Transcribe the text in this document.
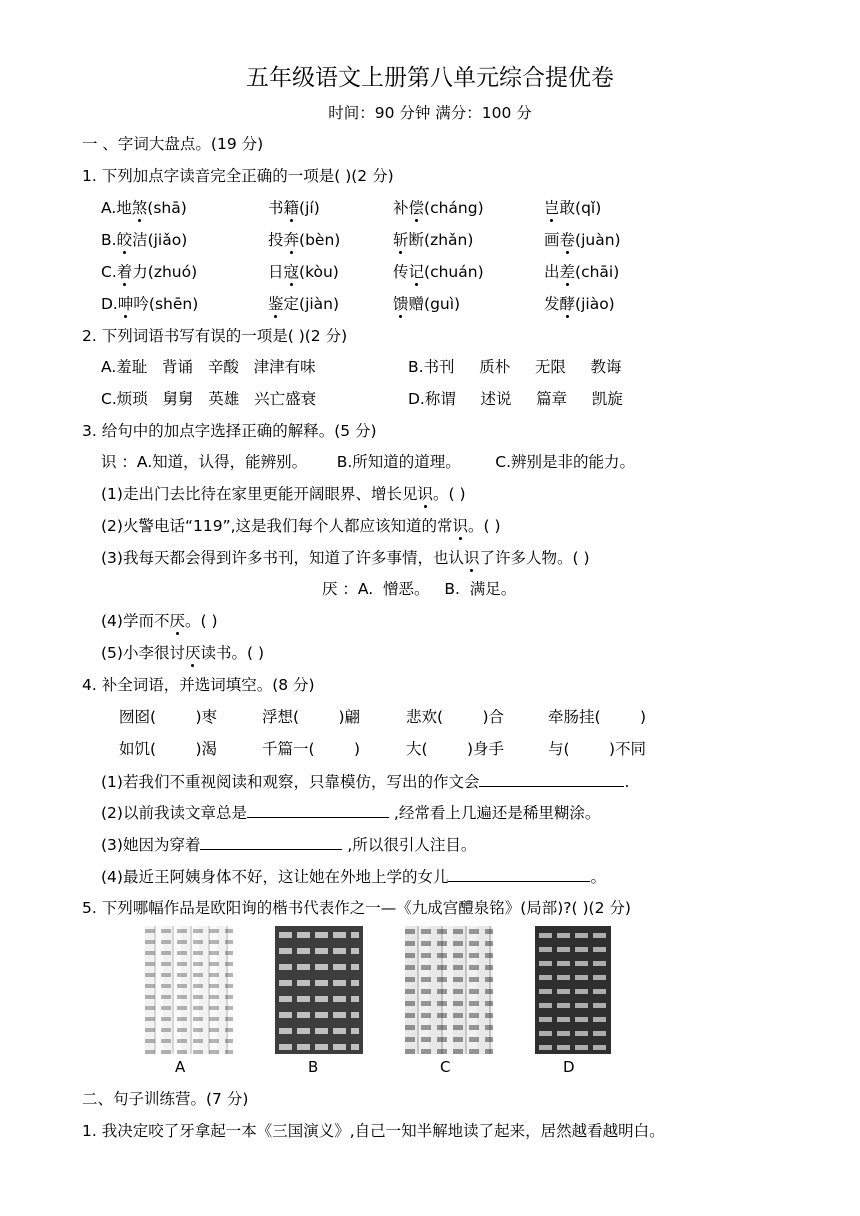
五年级语文上册第八单元综合提优卷
时间：90 分钟 满分：100 分
一 、字词大盘点。(19 分)
1. 下列加点字读音完全正确的一项是( )(2 分)
A.地煞(shā)	书籍(jí)	补偿(cháng)	岂敢(qǐ)
B.皎洁(jiǎo)	投奔(bèn)	斩断(zhǎn)	画卷(juàn)
C.着力(zhuó)	日寇(kòu)	传记(chuán)	出差(chāi)
D.呻吟(shēn)	鉴定(jiàn)	馈赠(guì)	发酵(jiào)
2. 下列词语书写有误的一项是( )(2 分)
A.羞耻   背诵   辛酸   津津有味	B.书刊     质朴     无限     教诲
C.烦琐   舅舅   英雄   兴亡盛衰	D.称谓     述说     篇章     凯旋
3. 给句中的加点字选择正确的解释。(5 分)
识 ：A.知道，认得，能辨别。      B.所知道的道理。       C.辨别是非的能力。
(1)走出门去比待在家里更能开阔眼界、增长见识。( )
(2)火警电话“119”,这是我们每个人都应该知道的常识。( )
(3)我每天都会得到许多书刊，知道了许多事情，也认识了许多人物。( )
厌 ：A.  憎恶。   B.  满足。
(4)学而不厌。( )
(5)小李很讨厌读书。( )
4. 补全词语，并选词填空。(8 分)
囫囵(        )枣	浮想(        )翩	悲欢(        )合	牵肠挂(        )
如饥(        )渴	千篇一(        )	大(        )身手	与(        )不同
(1)若我们不重视阅读和观察，只靠模仿，写出的作文会	.
(2)以前我读文章总是	,经常看上几遍还是稀里糊涂。
(3)她因为穿着	,所以很引人注目。
(4)最近王阿姨身体不好，这让她在外地上学的女儿	。
5. 下列哪幅作品是欧阳询的楷书代表作之一—《九成宫醴泉铭》(局部)?( )(2 分)
A	B	C	D
二、句子训练营。(7 分)
1. 我决定咬了牙拿起一本《三国演义》,自己一知半解地读了起来，居然越看越明白。
